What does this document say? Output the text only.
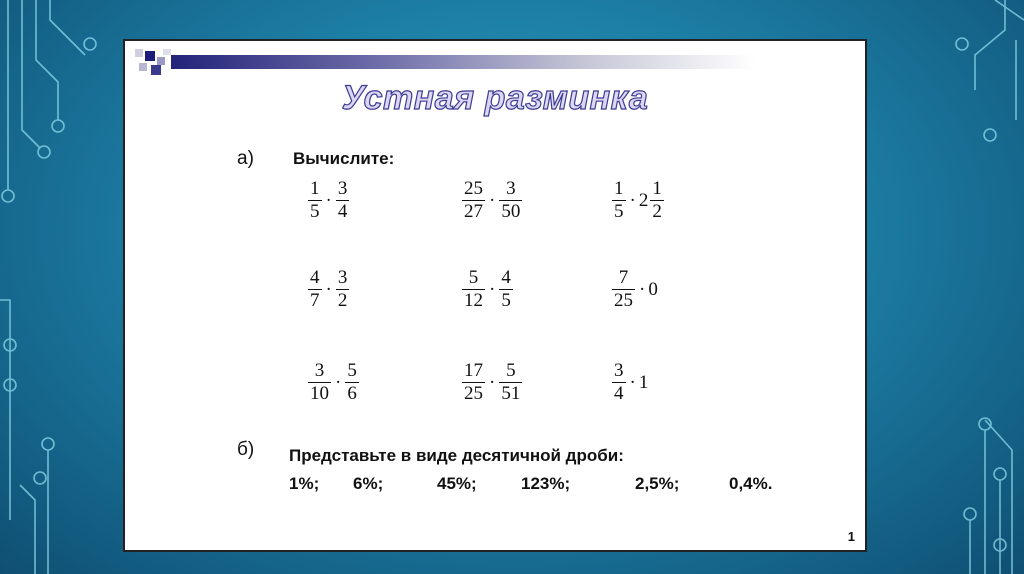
Устная разминка
а) Вычислите:
$\frac{1}{5} \cdot \frac{3}{4}$	$\frac{25}{27} \cdot \frac{3}{50}$	$\frac{1}{5} \cdot 2 \frac{1}{2}$
$\frac{4}{7} \cdot \frac{3}{2}$	$\frac{5}{12} \cdot \frac{4}{5}$	$\frac{7}{25} \cdot 0$
$\frac{3}{10} \cdot \frac{5}{6}$	$\frac{17}{25} \cdot \frac{5}{51}$	$\frac{3}{4} \cdot 1$
б) Представьте в виде десятичной дроби:
1%; 6%;	45%;	123%;	2,5%;	0,4%.
1
